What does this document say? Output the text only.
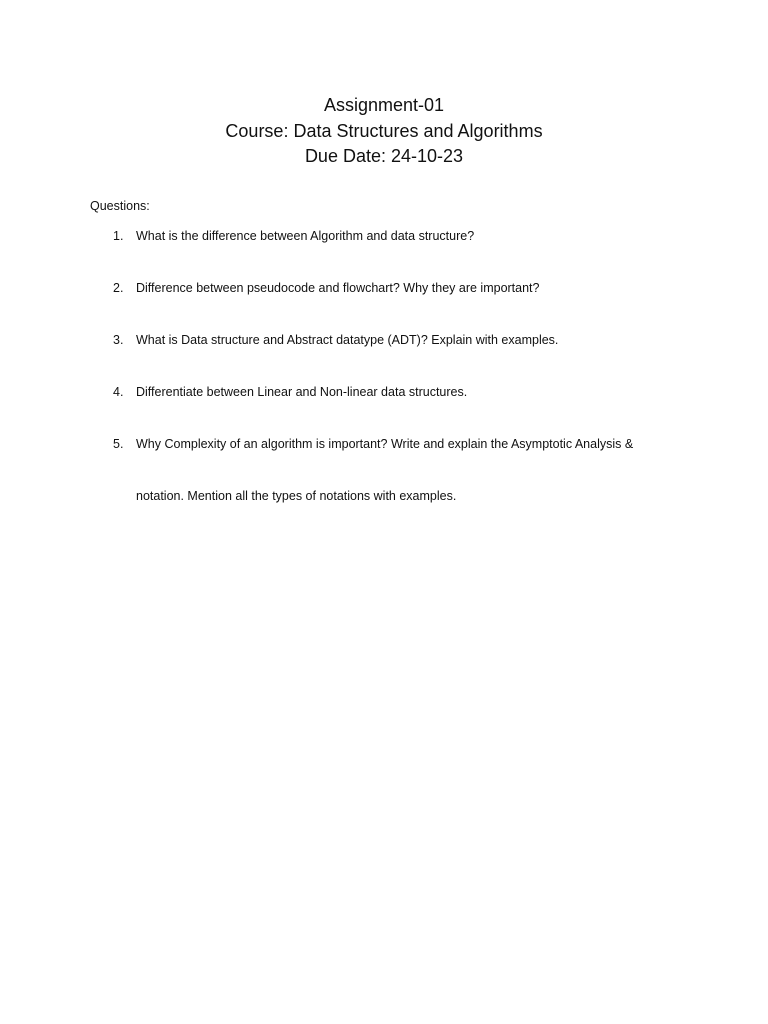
Assignment-01
Course: Data Structures and Algorithms
Due Date: 24-10-23
Questions:
1.	What is the difference between Algorithm and data structure?
2.	Difference between pseudocode and flowchart? Why they are important?
3.	What is Data structure and Abstract datatype (ADT)? Explain with examples.
4.	Differentiate between Linear and Non-linear data structures.
5.	Why Complexity of an algorithm is important? Write and explain the Asymptotic Analysis &
notation. Mention all the types of notations with examples.
